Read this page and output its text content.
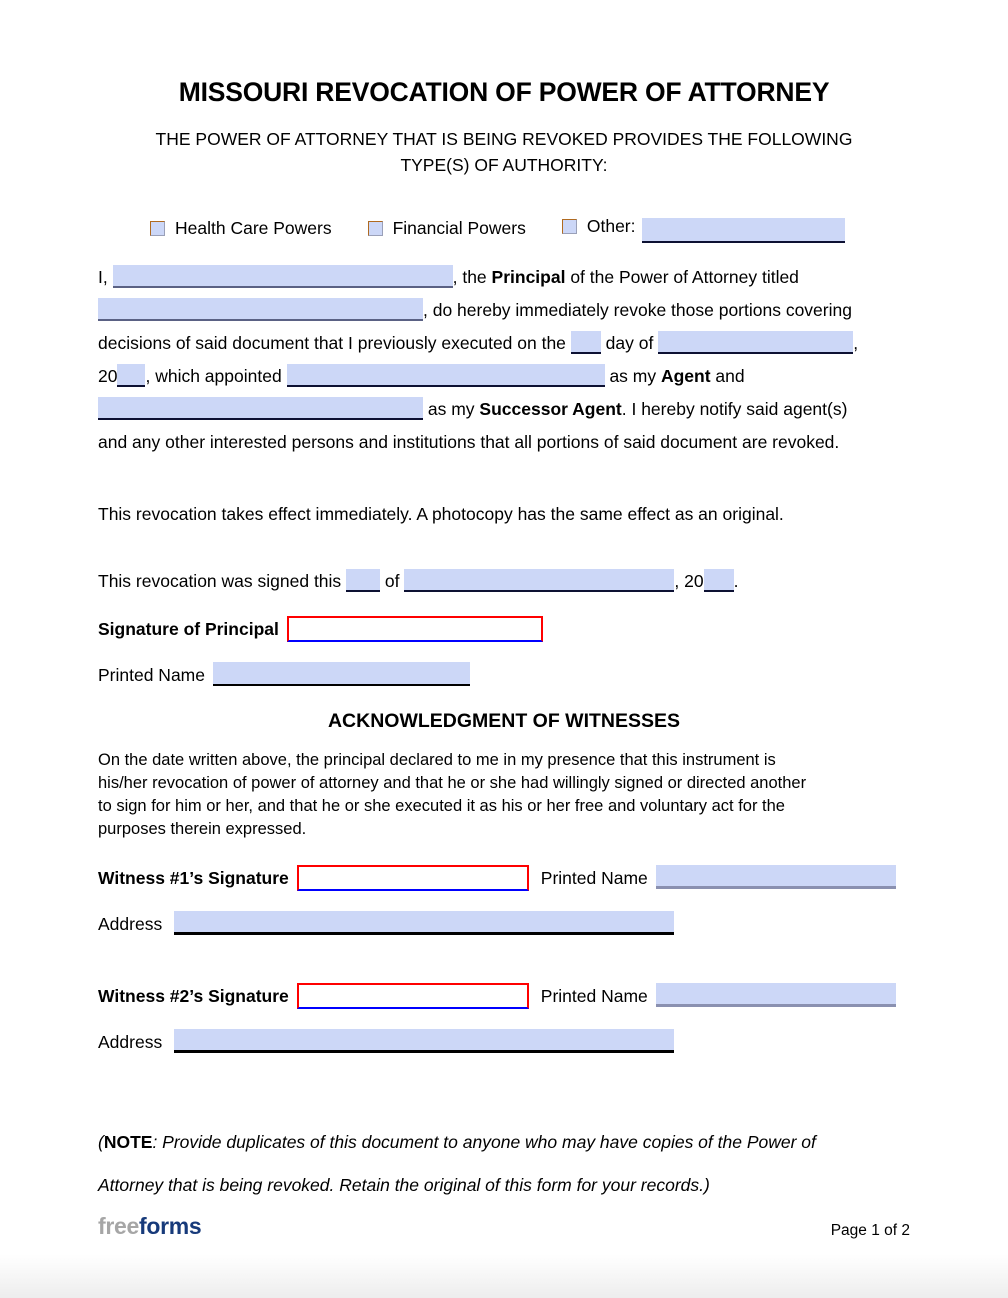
MISSOURI REVOCATION OF POWER OF ATTORNEY
THE POWER OF ATTORNEY THAT IS BEING REVOKED PROVIDES THE FOLLOWING TYPE(S) OF AUTHORITY:
Health Care Powers	Financial Powers	Other:
I,	, the Principal of the Power of Attorney titled
, do hereby immediately revoke those portions covering
decisions of said document that I previously executed on the day of	,
20 , which appointed	as my Agent and
as my Successor Agent. I hereby notify said agent(s)
and any other interested persons and institutions that all portions of said document are revoked.
This revocation takes effect immediately. A photocopy has the same effect as an original.
This revocation was signed this	of	, 20 .
Signature of Principal
Printed Name
ACKNOWLEDGMENT OF WITNESSES
On the date written above, the principal declared to me in my presence that this instrument is his/her revocation of power of attorney and that he or she had willingly signed or directed another to sign for him or her, and that he or she executed it as his or her free and voluntary act for the purposes therein expressed.
Witness #1’s Signature	Printed Name
Address
Witness #2’s Signature	Printed Name
Address
(NOTE: Provide duplicates of this document to anyone who may have copies of the Power of
Attorney that is being revoked. Retain the original of this form for your records.)
freeforms	Page 1 of 2
